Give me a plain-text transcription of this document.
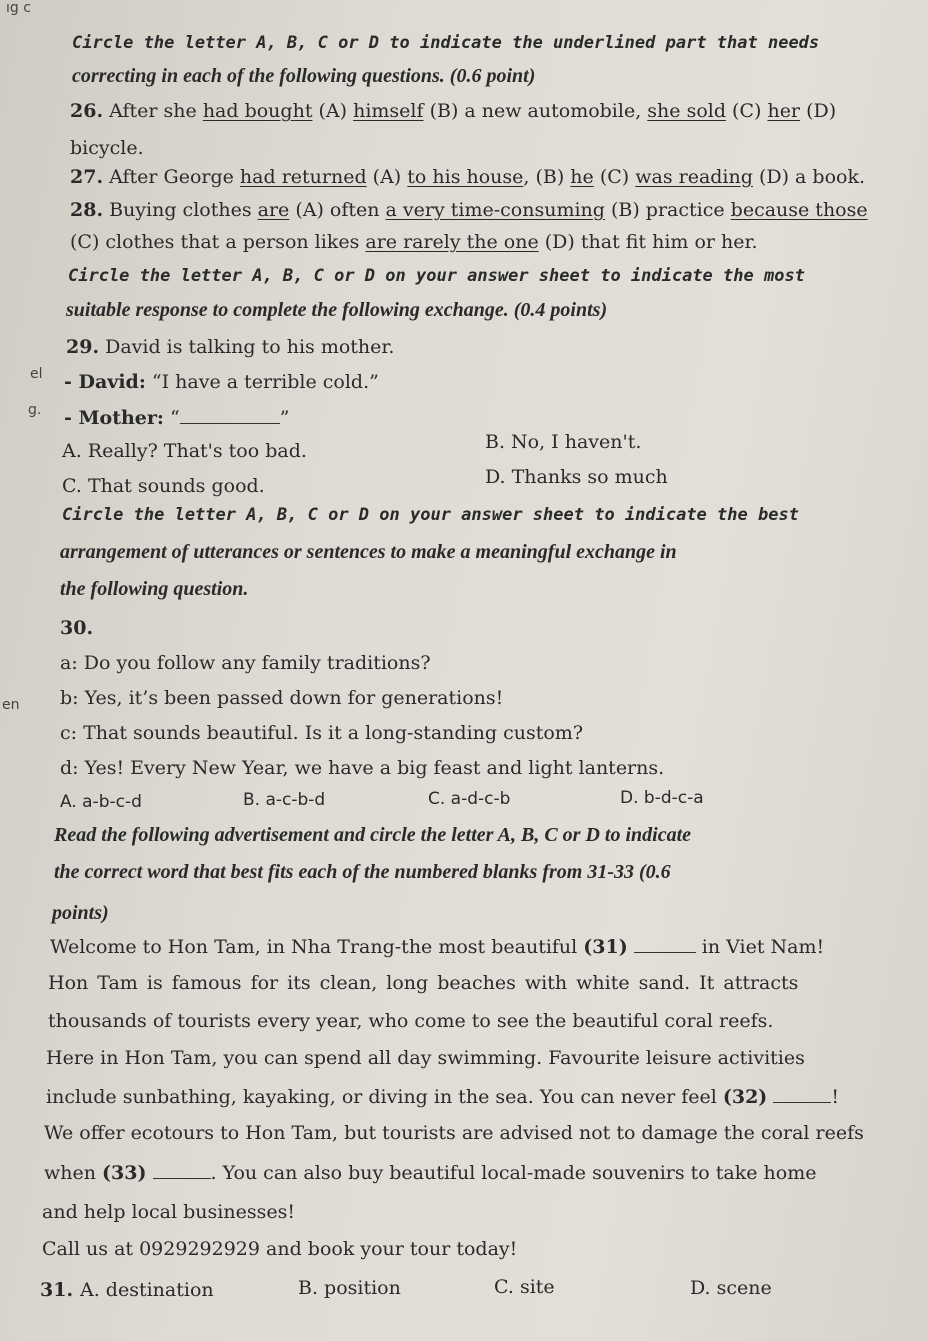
ıg c
el
g.
en
Circle the letter A, B, C or D to indicate the underlined part that needs
correcting in each of the following questions. (0.6 point)
26. After she had bought (A) himself (B) a new automobile, she sold (C) her (D)
bicycle.
27. After George had returned (A) to his house, (B) he (C) was reading (D) a book.
28. Buying clothes are (A) often a very time-consuming (B) practice because those
(C) clothes that a person likes are rarely the one (D) that fit him or her.
Circle the letter A, B, C or D on your answer sheet to indicate the most
suitable response to complete the following exchange. (0.4 points)
29. David is talking to his mother.
- David: “I have a terrible cold.”
- Mother: “	”
A. Really? That's too bad.	B. No, I haven't.
C. That sounds good.	D. Thanks so much
Circle the letter A, B, C or D on your answer sheet to indicate the best
arrangement of utterances or sentences to make a meaningful exchange in
the following question.
30.
a: Do you follow any family traditions?
b: Yes, it’s been passed down for generations!
c: That sounds beautiful. Is it a long-standing custom?
d: Yes! Every New Year, we have a big feast and light lanterns.
A. a-b-c-d	B. a-c-b-d	C. a-d-c-b	D. b-d-c-a
Read the following advertisement and circle the letter A, B, C or D to indicate
the correct word that best fits each of the numbered blanks from 31-33 (0.6
points)
Welcome to Hon Tam, in Nha Trang-the most beautiful (31)	in Viet Nam!
Hon Tam is famous for its clean, long beaches with white sand. It attracts
thousands of tourists every year, who come to see the beautiful coral reefs.
Here in Hon Tam, you can spend all day swimming. Favourite leisure activities
include sunbathing, kayaking, or diving in the sea. You can never feel (32)	!
We offer ecotours to Hon Tam, but tourists are advised not to damage the coral reefs
when (33)	. You can also buy beautiful local-made souvenirs to take home
and help local businesses!
Call us at 0929292929 and book your tour today!
31. A. destination	B. position	C. site	D. scene
